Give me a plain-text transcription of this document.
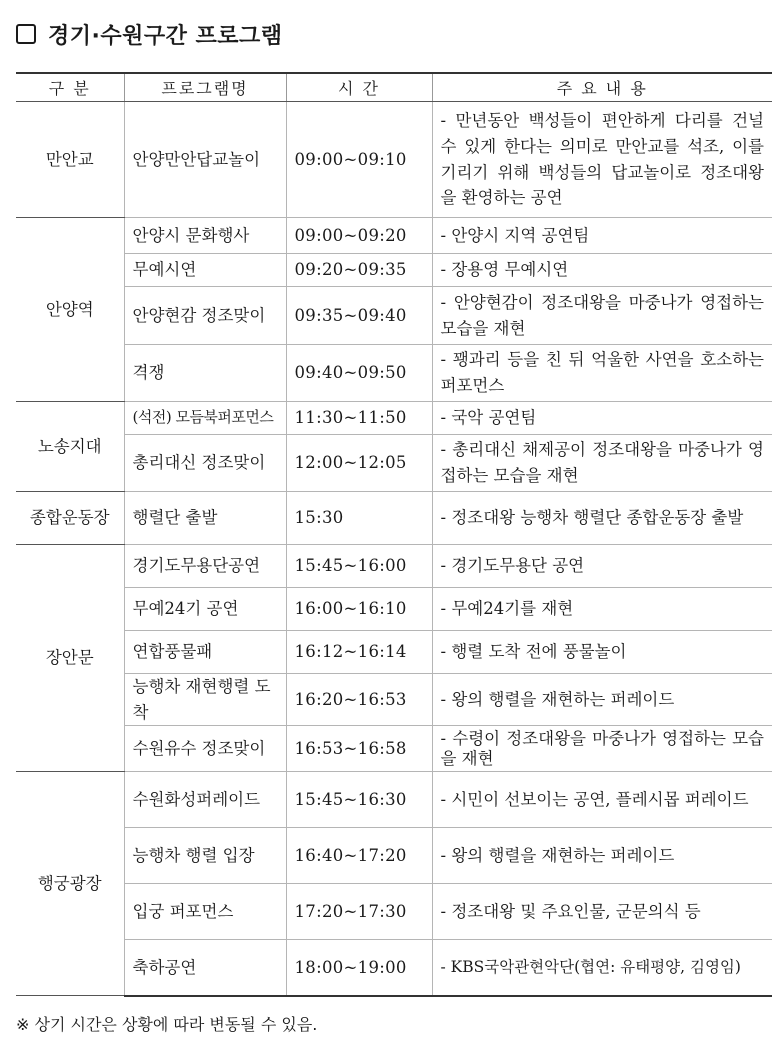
경기·수원구간 프로그램
구 분	프로그램명	시 간	주 요 내 용
만안교	안양만안답교놀이	09:00~09:10	- 만년동안 백성들이 편안하게 다리를 건널 수 있게 한다는 의미로 만안교를 석조, 이를 기리기 위해 백성들의 답교놀이로 정조대왕을 환영하는 공연
안양역	안양시 문화행사	09:00~09:20	- 안양시 지역 공연팀
	무예시연	09:20~09:35	- 장용영 무예시연
	안양현감 정조맞이	09:35~09:40	- 안양현감이 정조대왕을 마중나가 영접하는 모습을 재현
	격쟁	09:40~09:50	- 꽹과리 등을 친 뒤 억울한 사연을 호소하는 퍼포먼스
노송지대	(석전) 모듬북퍼포먼스	11:30~11:50	- 국악 공연팀
	총리대신 정조맞이	12:00~12:05	- 총리대신 채제공이 정조대왕을 마중나가 영접하는 모습을 재현
종합운동장	행렬단 출발	15:30	- 정조대왕 능행차 행렬단 종합운동장 출발
장안문	경기도무용단공연	15:45~16:00	- 경기도무용단 공연
	무예24기 공연	16:00~16:10	- 무예24기를 재현
	연합풍물패	16:12~16:14	- 행렬 도착 전에 풍물놀이
	능행차 재현행렬 도착	16:20~16:53	- 왕의 행렬을 재현하는 퍼레이드
	수원유수 정조맞이	16:53~16:58	- 수령이 정조대왕을 마중나가 영접하는 모습을 재현
행궁광장	수원화성퍼레이드	15:45~16:30	- 시민이 선보이는 공연, 플레시몹 퍼레이드
	능행차 행렬 입장	16:40~17:20	- 왕의 행렬을 재현하는 퍼레이드
	입궁 퍼포먼스	17:20~17:30	- 정조대왕 및 주요인물, 군문의식 등
	축하공연	18:00~19:00	- KBS국악관현악단(협연: 유태평양, 김영임)
※ 상기 시간은 상황에 따라 변동될 수 있음.
